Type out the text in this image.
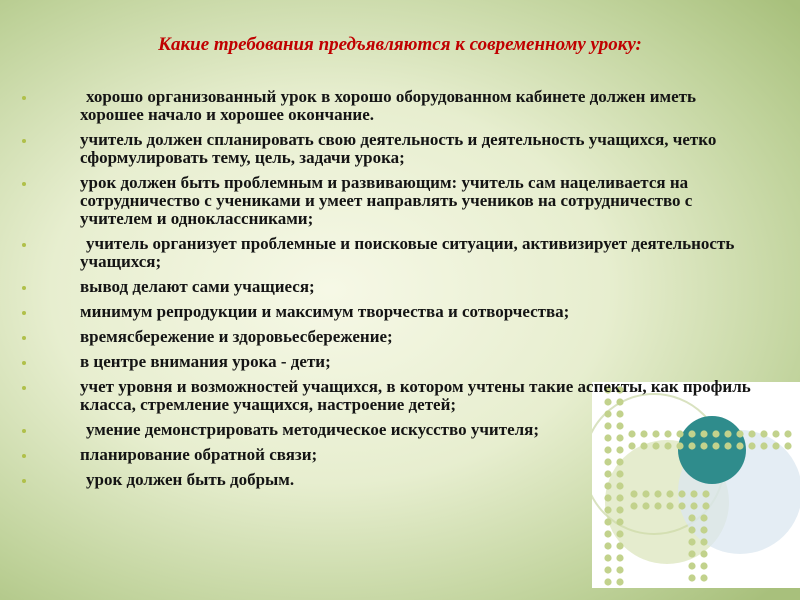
Какие требования предъявляются к современному уроку:
хорошо организованный урок в хорошо оборудованном кабинете должен иметь хорошее начало и хорошее окончание.
учитель должен спланировать свою деятельность и деятельность учащихся, четко сформулировать тему, цель, задачи урока;
урок должен быть проблемным и развивающим: учитель сам нацеливается на сотрудничество с учениками и умеет направлять учеников на сотрудничество с учителем и одноклассниками;
учитель организует проблемные и поисковые ситуации, активизирует деятельность учащихся;
вывод делают сами учащиеся;
минимум репродукции и максимум творчества и сотворчества;
времясбережение и здоровьесбережение;
в центре внимания урока - дети;
учет уровня и возможностей учащихся, в котором учтены такие аспекты, как профиль класса, стремление учащихся, настроение детей;
умение демонстрировать методическое искусство учителя;
планирование обратной связи;
урок должен быть добрым.
